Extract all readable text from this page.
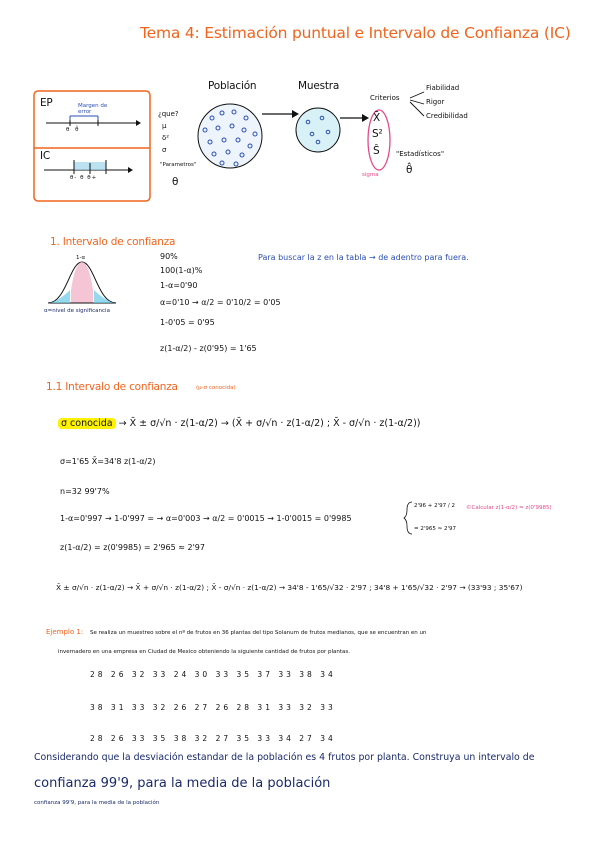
Tema 4: Estimación puntual e Intervalo de Confianza (IC)
EP	Margen de error
θ θ̂
IC
θ- θ θ+
¿que?
μ
δ²
σ
"Parametros"
θ
Población	Muestra
Criterios
Fiabilidad
Rigor
Credibilidad
X̄
S²
Ŝ
sigma
"Estadísticos"
θ̂
1. Intervalo de confianza
1-α
α=nivel de significancia
90%
100(1-α)%
1-α=0'90
α=0'10 → α/2 = 0'10/2 = 0'05
1-0'05 = 0'95
z(1-α/2) - z(0'95) = 1'65
Para buscar la z en la tabla → de adentro para fuera.
1.1 Intervalo de confianza	(μ-σ conocida)
σ conocida → X̄ ± σ/√n · z(1-α/2) → (X̄ + σ/√n · z(1-α/2) ; X̄ - σ/√n · z(1-α/2))
σ=1'65 X̄=34'8 z(1-α/2)
n=32 99'7%
1-α=0'997 → 1-0'997 = → α=0'003 → α/2 = 0'0015 → 1-0'0015 = 0'9985
2'96 + 2'97 / 2
= 2'965 ≈ 2'97
©Calcular z(1-α/2) = z(0'9985)
z(1-α/2) = z(0'9985) = 2'965 ≈ 2'97
X̄ ± σ/√n · z(1-α/2) → X̄ + σ/√n · z(1-α/2) ; X̄ - σ/√n · z(1-α/2) → 34'8 - 1'65/√32 · 2'97 ; 34'8 + 1'65/√32 · 2'97 → (33'93 ; 35'67)
Ejemplo 1: Se realiza un muestreo sobre el nº de frutos en 36 plantas del tipo Solanum de frutos medianos, que se encuentran en un
invernadero en una empresa en Ciudad de Mexico obteniendo la siguiente cantidad de frutos por plantas.
28 26 32 33 24 30 33 35 37 33 38 34
38 31 33 32 26 27 26 28 31 33 32 33
28 26 33 35 38 32 27 35 33 34 27 34
Considerando que la desviación estandar de la población es 4 frutos por planta. Construya un intervalo de
confianza 99'9, para la media de la población
confianza 99'9, para la media de la población
